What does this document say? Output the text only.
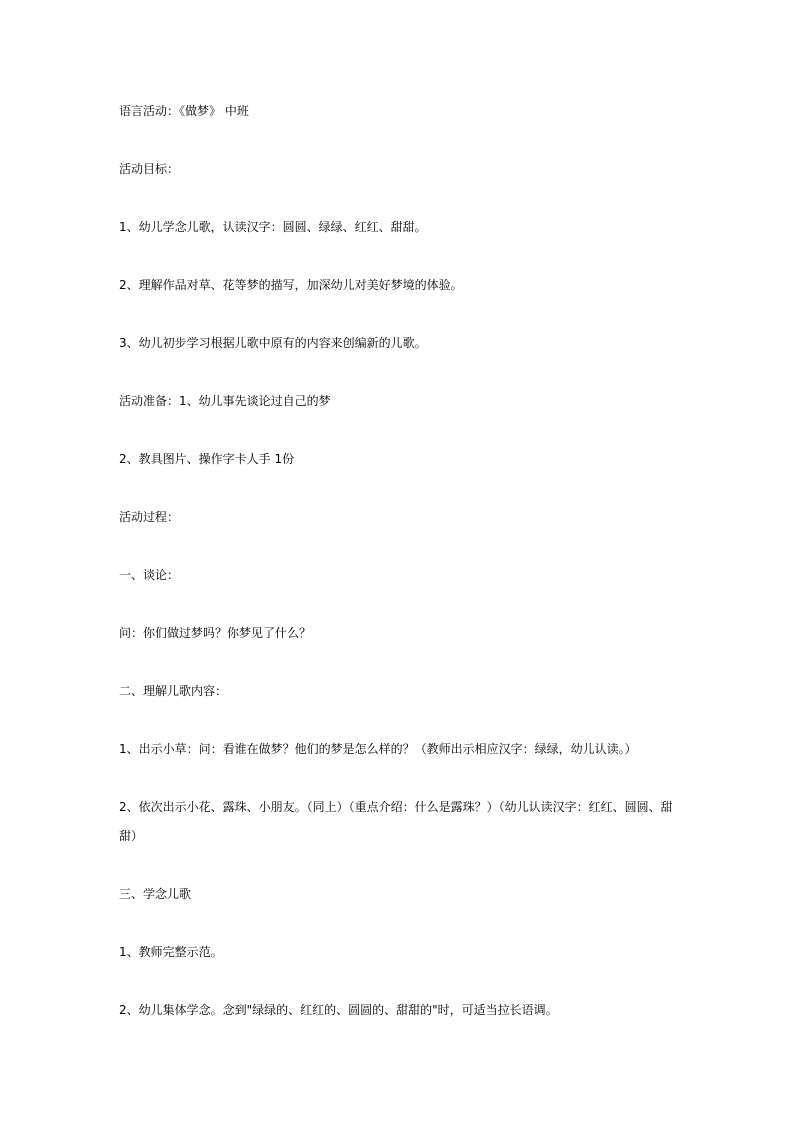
语言活动：《做梦》 中班

活动目标：

1、幼儿学念儿歌，认读汉字：圆圆、绿绿、红红、甜甜。

2、理解作品对草、花等梦的描写，加深幼儿对美好梦境的体验。

3、幼儿初步学习根据儿歌中原有的内容来创编新的儿歌。

活动准备：1、幼儿事先谈论过自己的梦

2、教具图片、操作字卡人手 1份

活动过程：

一、谈论：

问：你们做过梦吗？你梦见了什么？

二、理解儿歌内容：

1、出示小草：问：看谁在做梦？他们的梦是怎么样的？（教师出示相应汉字：绿绿，幼儿认读。）

2、依次出示小花、露珠、小朋友。（同上）（重点介绍：什么是露珠？）（幼儿认读汉字：红红、圆圆、甜甜）

三、学念儿歌

1、教师完整示范。

2、幼儿集体学念。念到"绿绿的、红红的、圆圆的、甜甜的"时，可适当拉长语调。
